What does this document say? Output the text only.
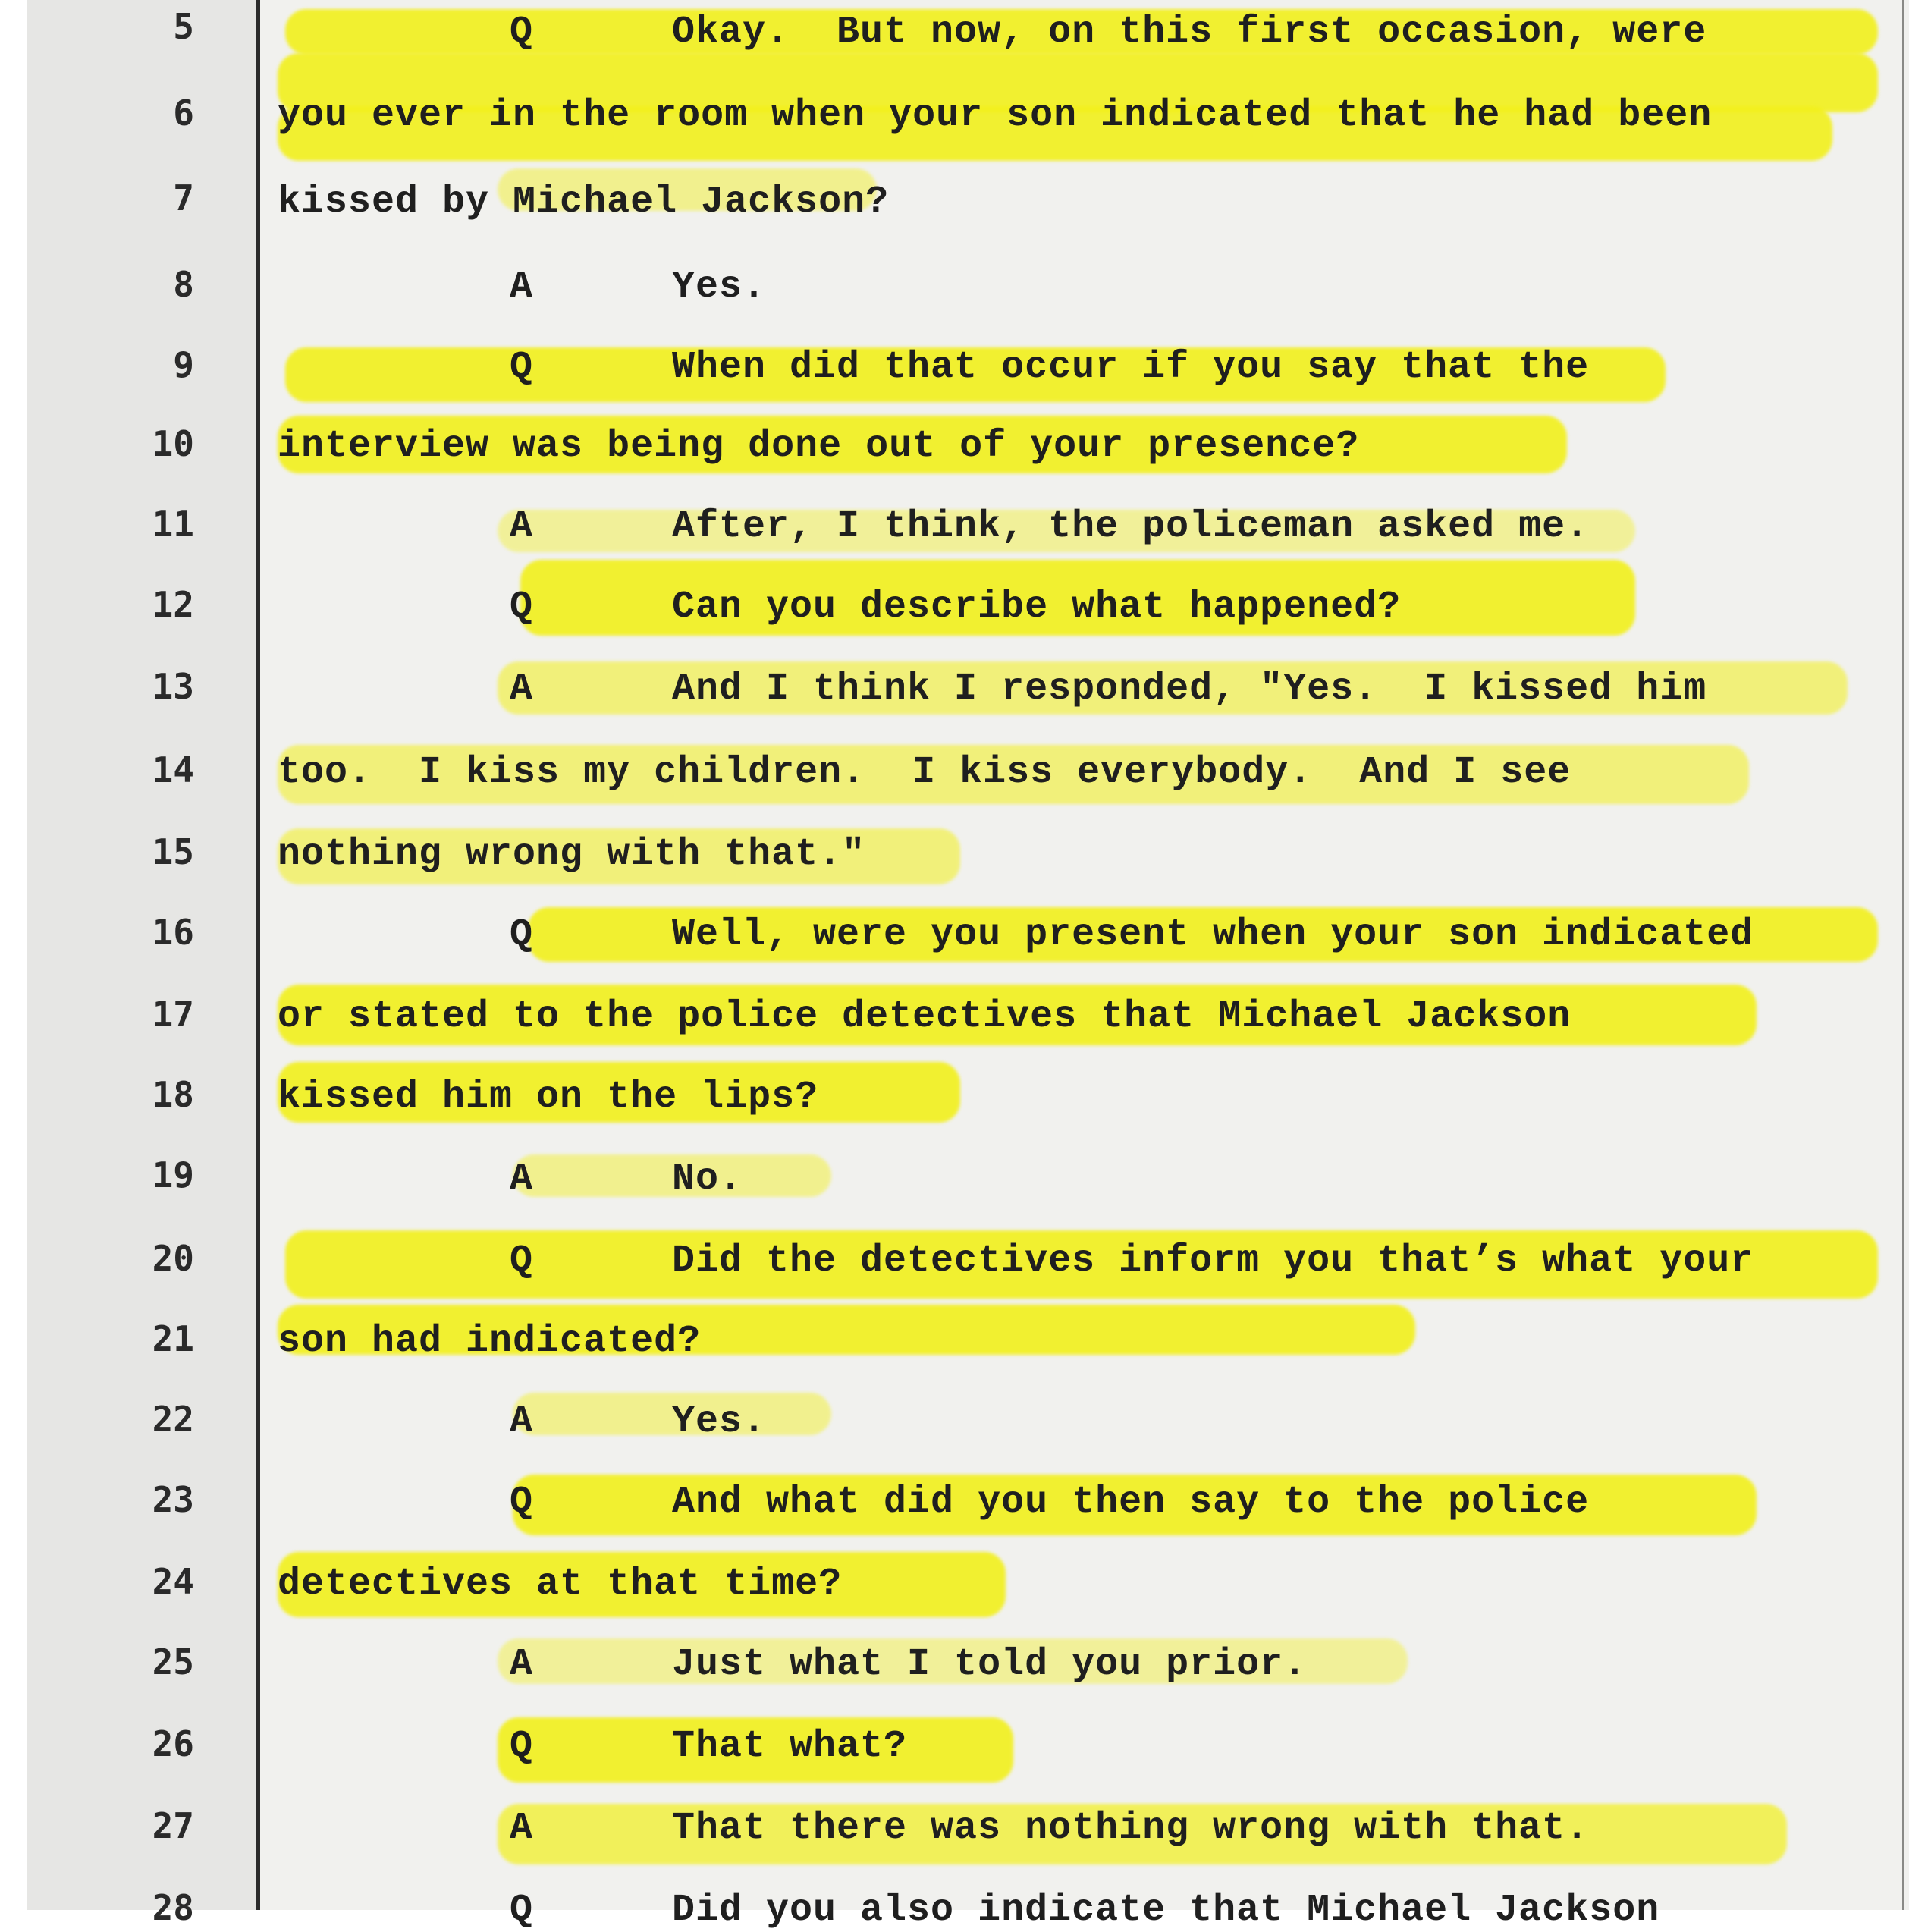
5
6
7
8
9
10
11
12
13
14
15
16
17
18
19
20
21
22
23
24
25
26
27
28
Q
A
Q
A
Q
A
Q
A
Q
A
Q
A
Q
A
Q
Okay.  But now, on this first occasion, were
you ever in the room when your son indicated that he had been
kissed by Michael Jackson?
Yes.
When did that occur if you say that the
interview was being done out of your presence?
After, I think, the policeman asked me.
Can you describe what happened?
And I think I responded, "Yes.  I kissed him
too.  I kiss my children.  I kiss everybody.  And I see
nothing wrong with that."
Well, were you present when your son indicated
or stated to the police detectives that Michael Jackson
kissed him on the lips?
No.
Did the detectives inform you that’s what your
son had indicated?
Yes.
And what did you then say to the police
detectives at that time?
Just what I told you prior.
That what?
That there was nothing wrong with that.
Did you also indicate that Michael Jackson
